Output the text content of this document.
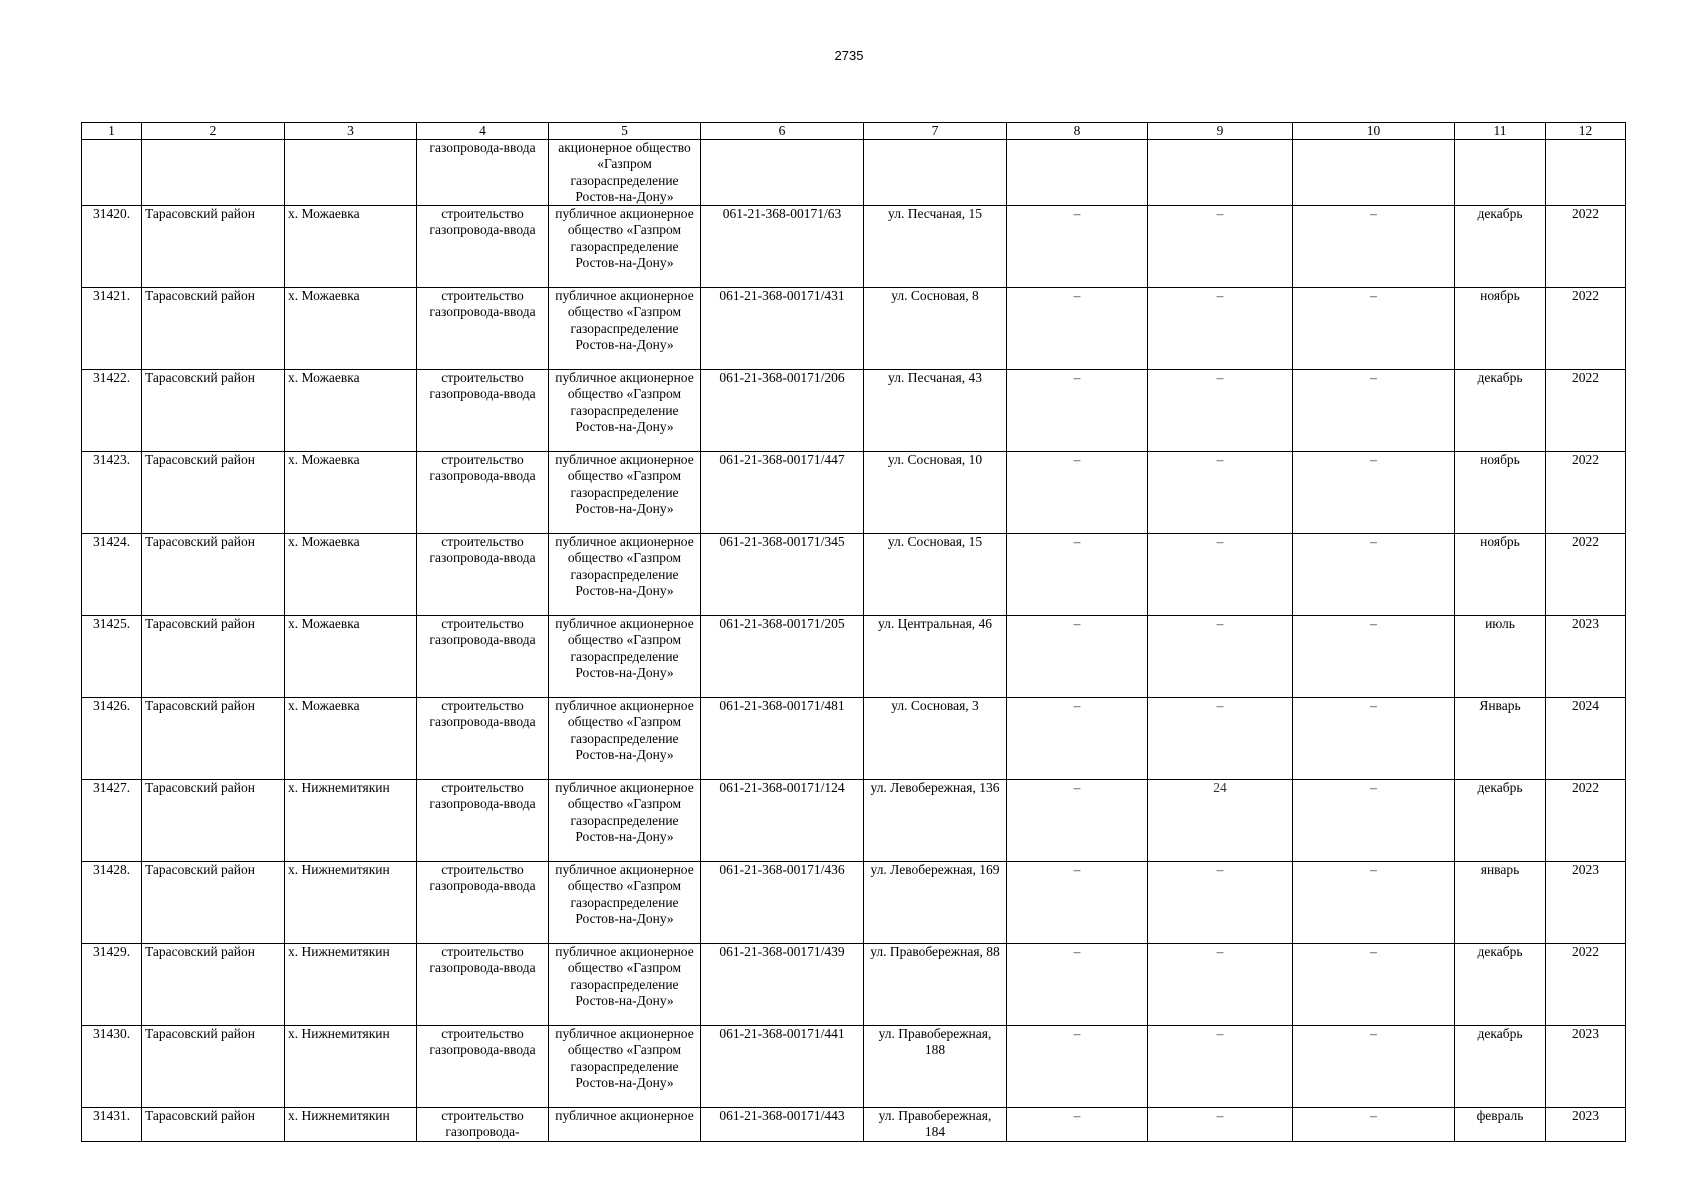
2735
1	2	3	4	5	6	7	8	9	10	11	12
			газопровода-ввода	акционерное общество «Газпром газораспределение Ростов-на-Дону»							
31420.	Тарасовский район	х. Можаевка	строительство газопровода-ввода	публичное акционерное общество «Газпром газораспределение Ростов-на-Дону»	061-21-368-00171/63	ул. Песчаная, 15	–	–	–	декабрь	2022
31421.	Тарасовский район	х. Можаевка	строительство газопровода-ввода	публичное акционерное общество «Газпром газораспределение Ростов-на-Дону»	061-21-368-00171/431	ул. Сосновая, 8	–	–	–	ноябрь	2022
31422.	Тарасовский район	х. Можаевка	строительство газопровода-ввода	публичное акционерное общество «Газпром газораспределение Ростов-на-Дону»	061-21-368-00171/206	ул. Песчаная, 43	–	–	–	декабрь	2022
31423.	Тарасовский район	х. Можаевка	строительство газопровода-ввода	публичное акционерное общество «Газпром газораспределение Ростов-на-Дону»	061-21-368-00171/447	ул. Сосновая, 10	–	–	–	ноябрь	2022
31424.	Тарасовский район	х. Можаевка	строительство газопровода-ввода	публичное акционерное общество «Газпром газораспределение Ростов-на-Дону»	061-21-368-00171/345	ул. Сосновая, 15	–	–	–	ноябрь	2022
31425.	Тарасовский район	х. Можаевка	строительство газопровода-ввода	публичное акционерное общество «Газпром газораспределение Ростов-на-Дону»	061-21-368-00171/205	ул. Центральная, 46	–	–	–	июль	2023
31426.	Тарасовский район	х. Можаевка	строительство газопровода-ввода	публичное акционерное общество «Газпром газораспределение Ростов-на-Дону»	061-21-368-00171/481	ул. Сосновая, 3	–	–	–	Январь	2024
31427.	Тарасовский район	х. Нижнемитякин	строительство газопровода-ввода	публичное акционерное общество «Газпром газораспределение Ростов-на-Дону»	061-21-368-00171/124	ул. Левобережная, 136	–	24	–	декабрь	2022
31428.	Тарасовский район	х. Нижнемитякин	строительство газопровода-ввода	публичное акционерное общество «Газпром газораспределение Ростов-на-Дону»	061-21-368-00171/436	ул. Левобережная, 169	–	–	–	январь	2023
31429.	Тарасовский район	х. Нижнемитякин	строительство газопровода-ввода	публичное акционерное общество «Газпром газораспределение Ростов-на-Дону»	061-21-368-00171/439	ул. Правобережная, 88	–	–	–	декабрь	2022
31430.	Тарасовский район	х. Нижнемитякин	строительство газопровода-ввода	публичное акционерное общество «Газпром газораспределение Ростов-на-Дону»	061-21-368-00171/441	ул. Правобережная, 188	–	–	–	декабрь	2023
31431.	Тарасовский район	х. Нижнемитякин	строительство газопровода-	публичное акционерное	061-21-368-00171/443	ул. Правобережная, 184	–	–	–	февраль	2023
